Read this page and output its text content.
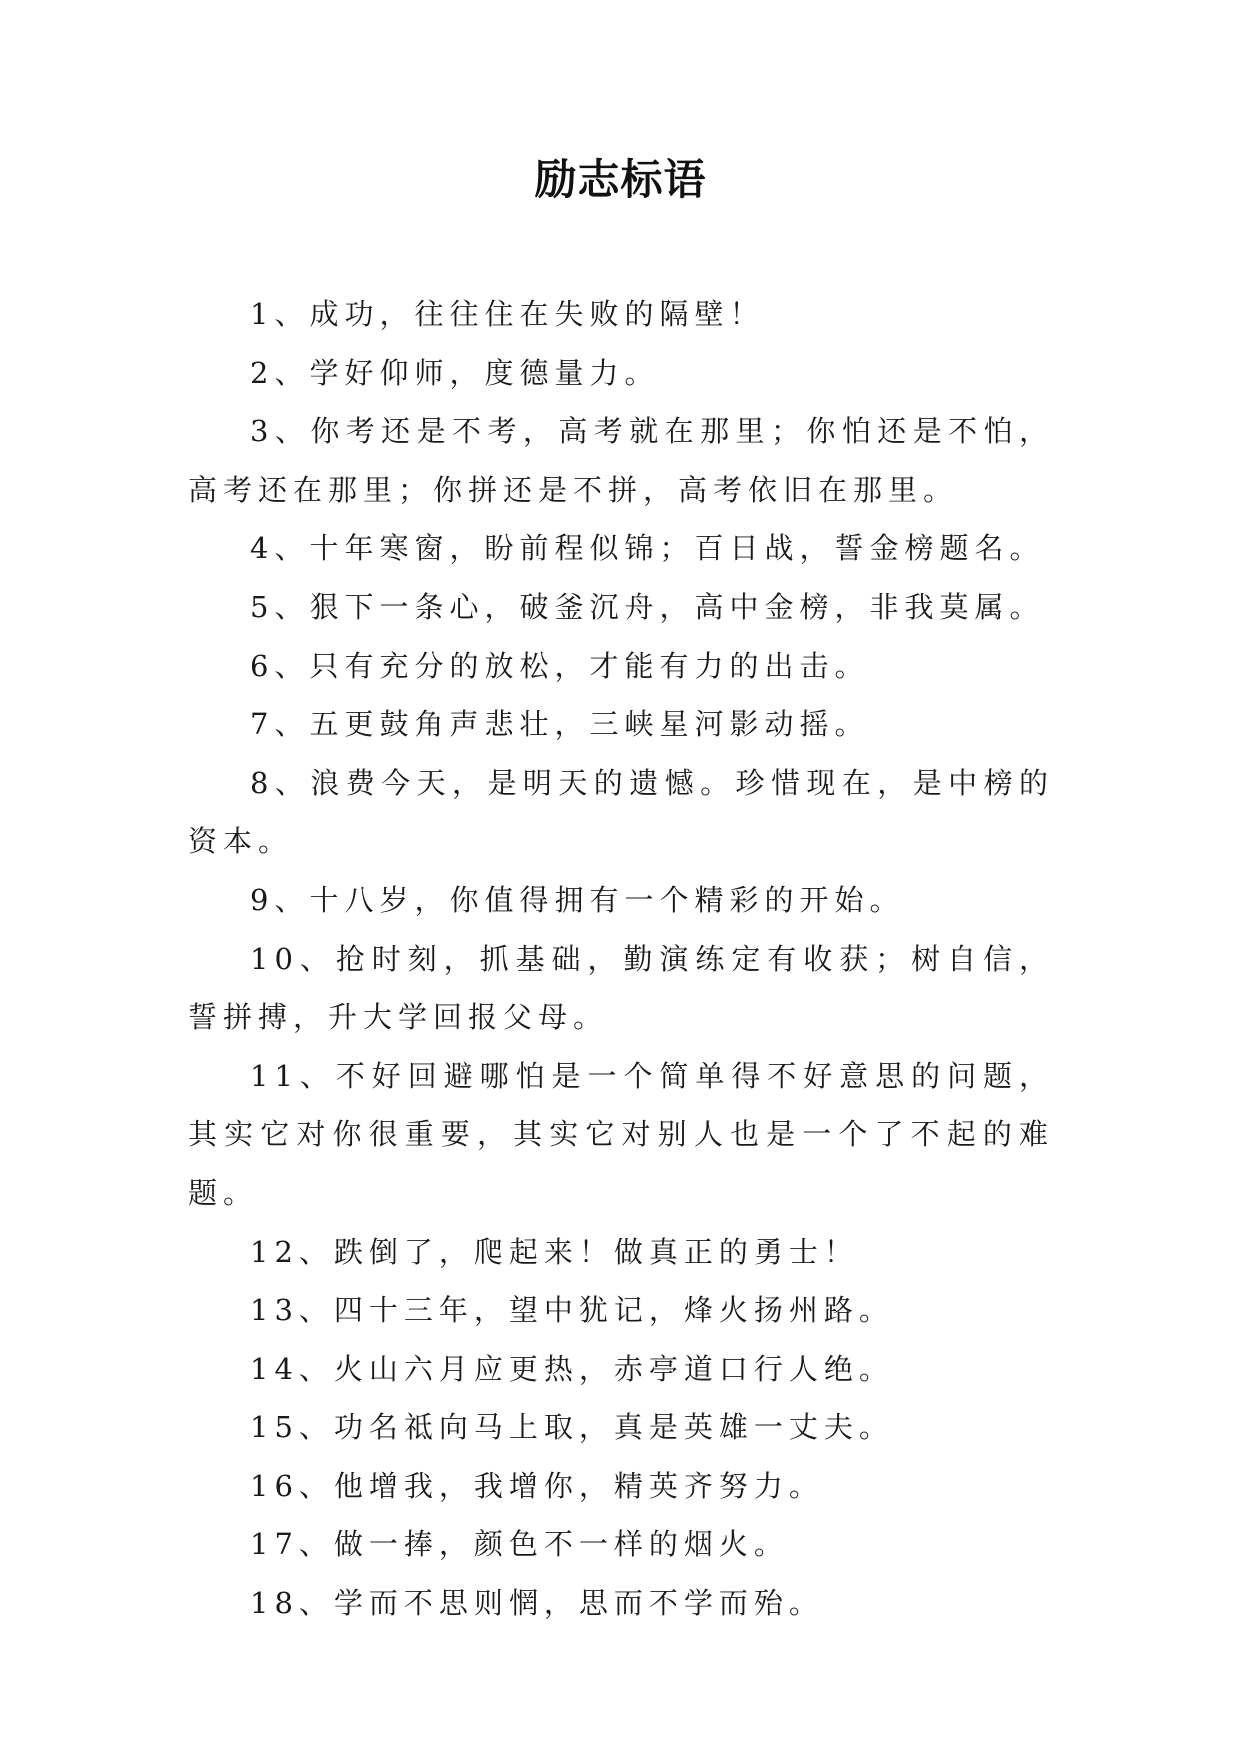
励志标语

1、成功，往往住在失败的隔壁！

2、学好仰师，度德量力。

3、你考还是不考，高考就在那里；你怕还是不怕，高考还在那里；你拼还是不拼，高考依旧在那里。

4、十年寒窗，盼前程似锦；百日战，誓金榜题名。

5、狠下一条心，破釜沉舟，高中金榜，非我莫属。

6、只有充分的放松，才能有力的出击。

7、五更鼓角声悲壮，三峡星河影动摇。

8、浪费今天，是明天的遗憾。珍惜现在，是中榜的资本。

9、十八岁，你值得拥有一个精彩的开始。

10、抢时刻，抓基础，勤演练定有收获；树自信，誓拼搏，升大学回报父母。

11、不好回避哪怕是一个简单得不好意思的问题，其实它对你很重要，其实它对别人也是一个了不起的难题。

12、跌倒了，爬起来！做真正的勇士！

13、四十三年，望中犹记，烽火扬州路。

14、火山六月应更热，赤亭道口行人绝。

15、功名祗向马上取，真是英雄一丈夫。

16、他增我，我增你，精英齐努力。

17、做一捧，颜色不一样的烟火。

18、学而不思则惘，思而不学而殆。
